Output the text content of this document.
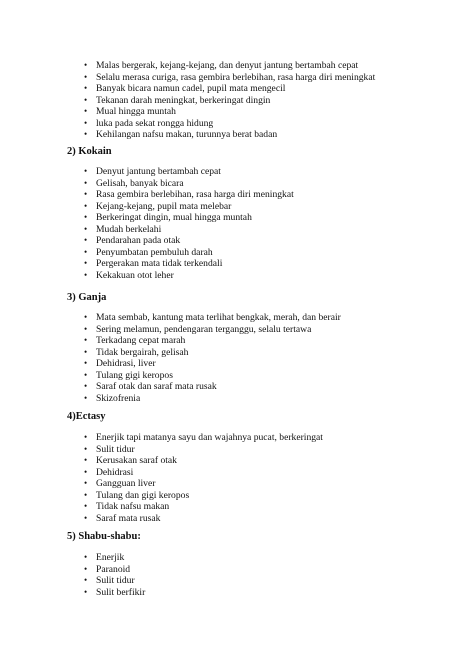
• Malas bergerak, kejang-kejang, dan denyut jantung bertambah cepat
• Selalu merasa curiga, rasa gembira berlebihan, rasa harga diri meningkat
• Banyak bicara namun cadel, pupil mata mengecil
• Tekanan darah meningkat, berkeringat dingin
• Mual hingga muntah
• luka pada sekat rongga hidung
• Kehilangan nafsu makan, turunnya berat badan
2) Kokain
• Denyut jantung bertambah cepat
• Gelisah, banyak bicara
• Rasa gembira berlebihan, rasa harga diri meningkat
• Kejang-kejang, pupil mata melebar
• Berkeringat dingin, mual hingga muntah
• Mudah berkelahi
• Pendarahan pada otak
• Penyumbatan pembuluh darah
• Pergerakan mata tidak terkendali
• Kekakuan otot leher
3) Ganja
• Mata sembab, kantung mata terlihat bengkak, merah, dan berair
• Sering melamun, pendengaran terganggu, selalu tertawa
• Terkadang cepat marah
• Tidak bergairah, gelisah
• Dehidrasi, liver
• Tulang gigi keropos
• Saraf otak dan saraf mata rusak
• Skizofrenia
4)Ectasy
• Enerjik tapi matanya sayu dan wajahnya pucat, berkeringat
• Sulit tidur
• Kerusakan saraf otak
• Dehidrasi
• Gangguan liver
• Tulang dan gigi keropos
• Tidak nafsu makan
• Saraf mata rusak
5) Shabu-shabu:
• Enerjik
• Paranoid
• Sulit tidur
• Sulit berfikir
